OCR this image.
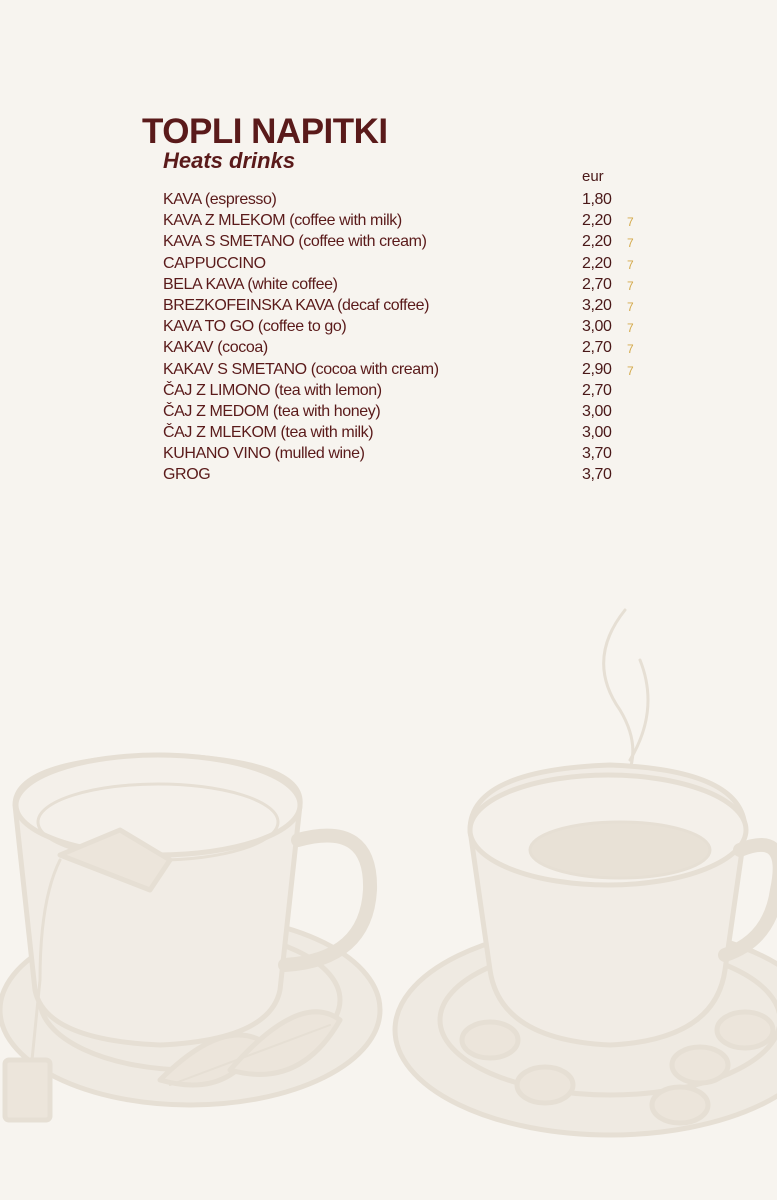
TOPLI NAPITKI
Heats drinks
eur
KAVA (espresso)	1,80
KAVA Z MLEKOM (coffee with milk)	2,20 7
KAVA S SMETANO (coffee with cream)	2,20 7
CAPPUCCINO	2,20 7
BELA KAVA (white coffee)	2,70 7
BREZKOFEINSKA KAVA (decaf coffee)	3,20 7
KAVA TO GO (coffee to go)	3,00 7
KAKAV (cocoa)	2,70 7
KAKAV S SMETANO (cocoa with cream)	2,90 7
ČAJ Z LIMONO (tea with lemon)	2,70
ČAJ Z MEDOM (tea with honey)	3,00
ČAJ Z MLEKOM (tea with milk)	3,00
KUHANO VINO (mulled wine)	3,70
GROG	3,70
